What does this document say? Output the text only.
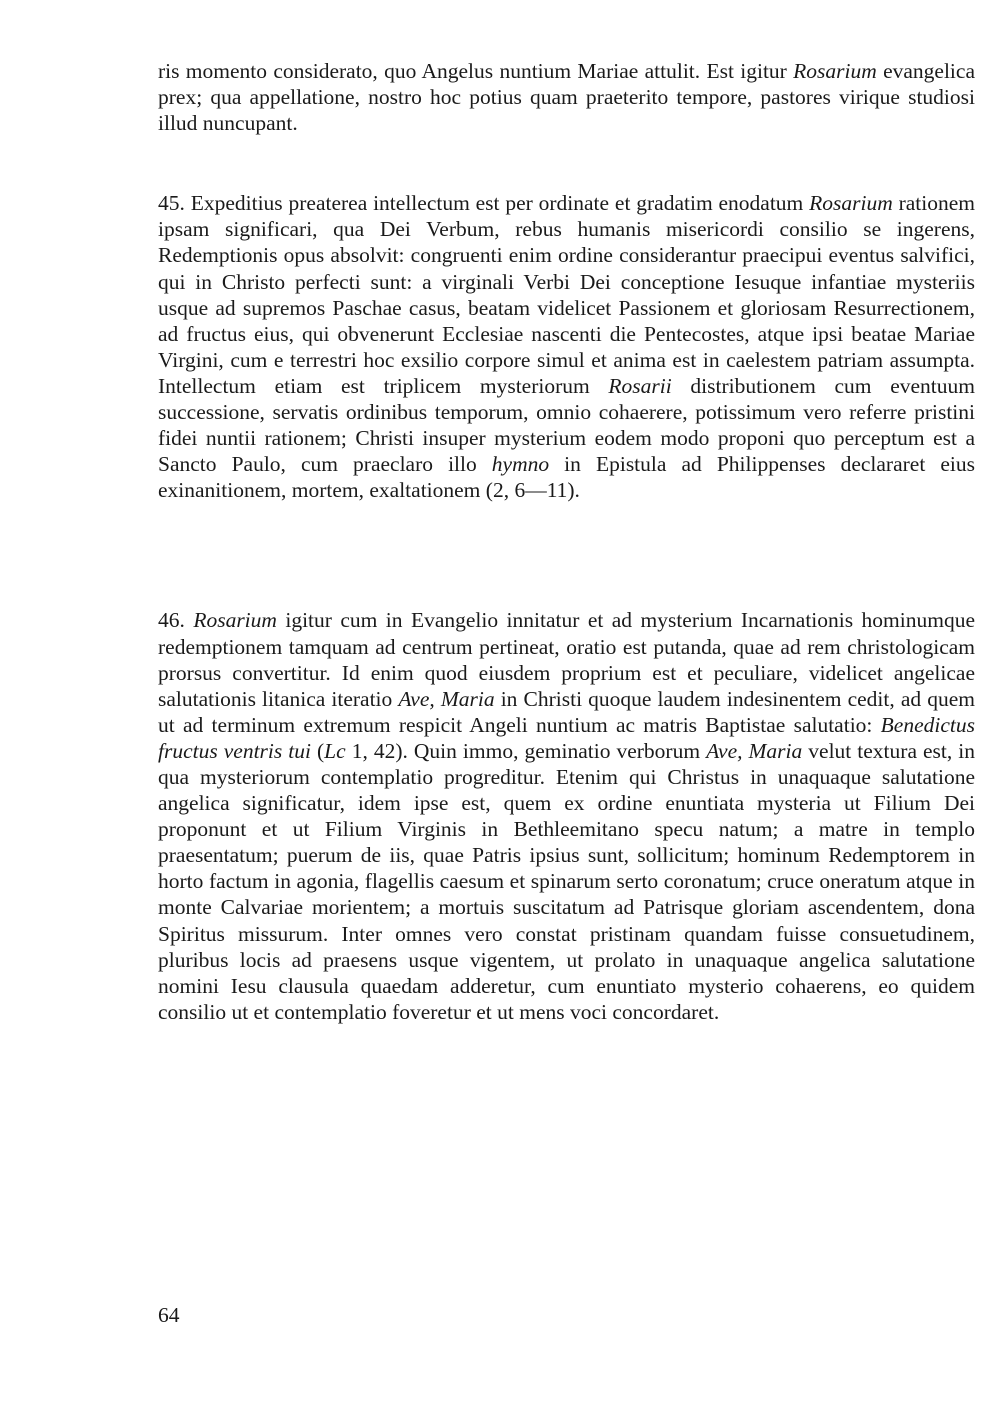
ris momento considerato, quo Angelus nuntium Mariae attulit. Est igitur Rosarium evangelica prex; qua appellatione, nostro hoc potius quam praeterito tempore, pastores virique studiosi illud nuncupant.

45. Expeditius preaterea intellectum est per ordinate et gradatim enodatum Rosarium rationem ipsam significari, qua Dei Verbum, rebus humanis misericordi consilio se ingerens, Redemptionis opus absolvit: congruenti enim ordine considerantur praecipui eventus salvifici, qui in Christo perfecti sunt: a virginali Verbi Dei conceptione Iesuque infantiae mysteriis usque ad supremos Paschae casus, beatam videlicet Passionem et gloriosam Resurrectionem, ad fructus eius, qui obvenerunt Ecclesiae nascenti die Pentecostes, atque ipsi beatae Mariae Virgini, cum e terrestri hoc exsilio corpore simul et anima est in caelestem patriam assumpta. Intellectum etiam est triplicem mysteriorum Rosarii distributionem cum eventuum successione, servatis ordinibus temporum, omnio cohaerere, potissimum vero referre pristini fidei nuntii rationem; Christi insuper mysterium eodem modo proponi quo perceptum est a Sancto Paulo, cum praeclaro illo hymno in Epistula ad Philippenses declararet eius exinanitionem, mortem, exaltationem (2, 6—11).

46. Rosarium igitur cum in Evangelio innitatur et ad mysterium Incarnationis hominumque redemptionem tamquam ad centrum pertineat, oratio est putanda, quae ad rem christologicam prorsus convertitur. Id enim quod eiusdem proprium est et peculiare, videlicet angelicae salutationis litanica iteratio Ave, Maria in Christi quoque laudem indesinentem cedit, ad quem ut ad terminum extremum respicit Angeli nuntium ac matris Baptistae salutatio: Benedictus fructus ventris tui (Lc 1, 42). Quin immo, geminatio verborum Ave, Maria velut textura est, in qua mysteriorum contemplatio progreditur. Etenim qui Christus in unaquaque salutatione angelica significatur, idem ipse est, quem ex ordine enuntiata mysteria ut Filium Dei proponunt et ut Filium Virginis in Bethleemitano specu natum; a matre in templo praesentatum; puerum de iis, quae Patris ipsius sunt, sollicitum; hominum Redemptorem in horto factum in agonia, flagellis caesum et spinarum serto coronatum; cruce oneratum atque in monte Calvariae morientem; a mortuis suscitatum ad Patrisque gloriam ascendentem, dona Spiritus missurum. Inter omnes vero constat pristinam quandam fuisse consuetudinem, pluribus locis ad praesens usque vigentem, ut prolato in unaquaque angelica salutatione nomini Iesu clausula quaedam adderetur, cum enuntiato mysterio cohaerens, eo quidem consilio ut et contemplatio foveretur et ut mens voci concordaret.

64
